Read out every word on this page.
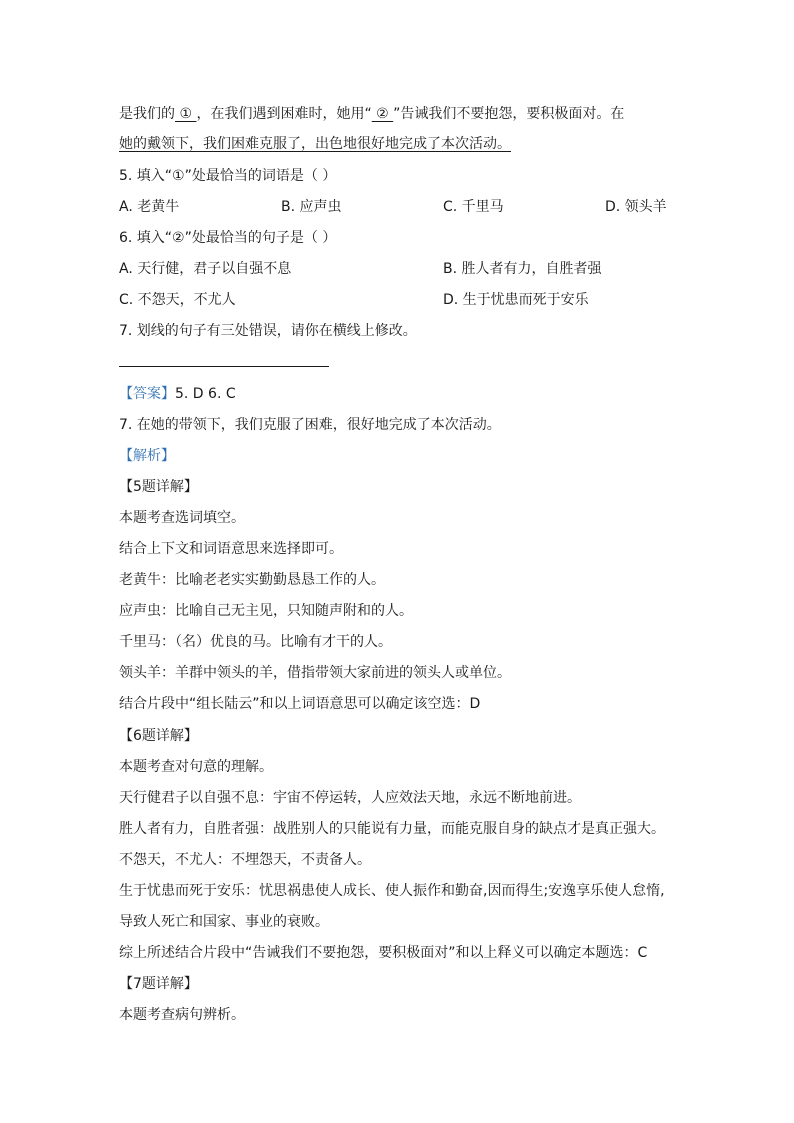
是我们的 ① ，在我们遇到困难时，她用“ ② ”告诫我们不要抱怨，要积极面对。在
她的戴领下，我们困难克服了，出色地很好地完成了本次活动。
5. 填入“①”处最恰当的词语是（ ）
A. 老黄牛	B. 应声虫	C. 千里马	D. 领头羊
6. 填入“②”处最恰当的句子是（ ）
A. 天行健，君子以自强不息	B. 胜人者有力，自胜者强
C. 不怨天，不尤人	D. 生于忧患而死于安乐
7. 划线的句子有三处错误，请你在横线上修改。
【答案】5. D 6. C
7. 在她的带领下，我们克服了困难，很好地完成了本次活动。
【解析】
【5题详解】
本题考查选词填空。
结合上下文和词语意思来选择即可。
老黄牛：比喻老老实实勤勤恳恳工作的人。
应声虫：比喻自己无主见，只知随声附和的人。
千里马：（名）优良的马。比喻有才干的人。
领头羊：羊群中领头的羊，借指带领大家前进的领头人或单位。
结合片段中“组长陆云”和以上词语意思可以确定该空选：D
【6题详解】
本题考查对句意的理解。
天行健君子以自强不息：宇宙不停运转，人应效法天地，永远不断地前进。
胜人者有力，自胜者强：战胜别人的只能说有力量，而能克服自身的缺点才是真正强大。
不怨天，不尤人：不埋怨天，不责备人。
生于忧患而死于安乐：忧思祸患使人成长、使人振作和勤奋,因而得生;安逸享乐使人怠惰,
导致人死亡和国家、事业的衰败。
综上所述结合片段中“告诫我们不要抱怨，要积极面对”和以上释义可以确定本题选：C
【7题详解】
本题考查病句辨析。
